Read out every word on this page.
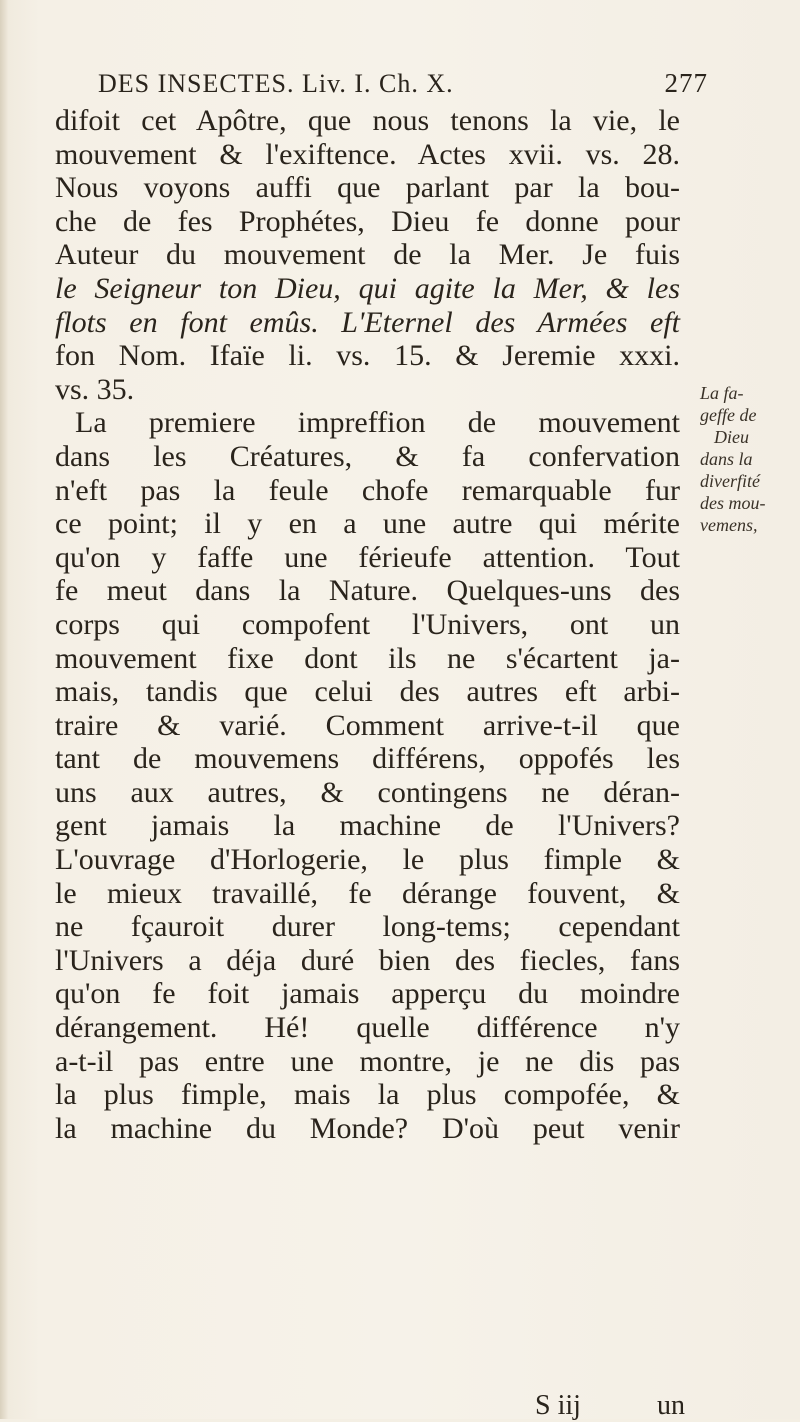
DES INSECTES. Liv. I. Ch. X.	277
difoit cet Apôtre, que nous tenons la vie, le
mouvement & l'exiftence. Actes xvii. vs. 28.
Nous voyons auffi que parlant par la bou-
che de fes Prophétes, Dieu fe donne pour
Auteur du mouvement de la Mer. Je fuis
le Seigneur ton Dieu, qui agite la Mer, & les
flots en font emûs. L'Eternel des Armées eft
fon Nom. Ifaïe li. vs. 15. & Jeremie xxxi.
vs. 35.
La premiere impreffion de mouvement
dans les Créatures, & fa confervation
n'eft pas la feule chofe remarquable fur
ce point; il y en a une autre qui mérite
qu'on y faffe une férieufe attention. Tout
fe meut dans la Nature. Quelques-uns des
corps qui compofent l'Univers, ont un
mouvement fixe dont ils ne s'écartent ja-
mais, tandis que celui des autres eft arbi-
traire & varié. Comment arrive-t-il que
tant de mouvemens différens, oppofés les
uns aux autres, & contingens ne déran-
gent jamais la machine de l'Univers?
L'ouvrage d'Horlogerie, le plus fimple &
le mieux travaillé, fe dérange fouvent, &
ne fçauroit durer long-tems; cependant
l'Univers a déja duré bien des fiecles, fans
qu'on fe foit jamais apperçu du moindre
dérangement. Hé! quelle différence n'y
a-t-il pas entre une montre, je ne dis pas
la plus fimple, mais la plus compofée, &
la machine du Monde? D'où peut venir
La fa-
geffe de
Dieu
dans la
diverfité
des mou-
vemens,
S iij	un
